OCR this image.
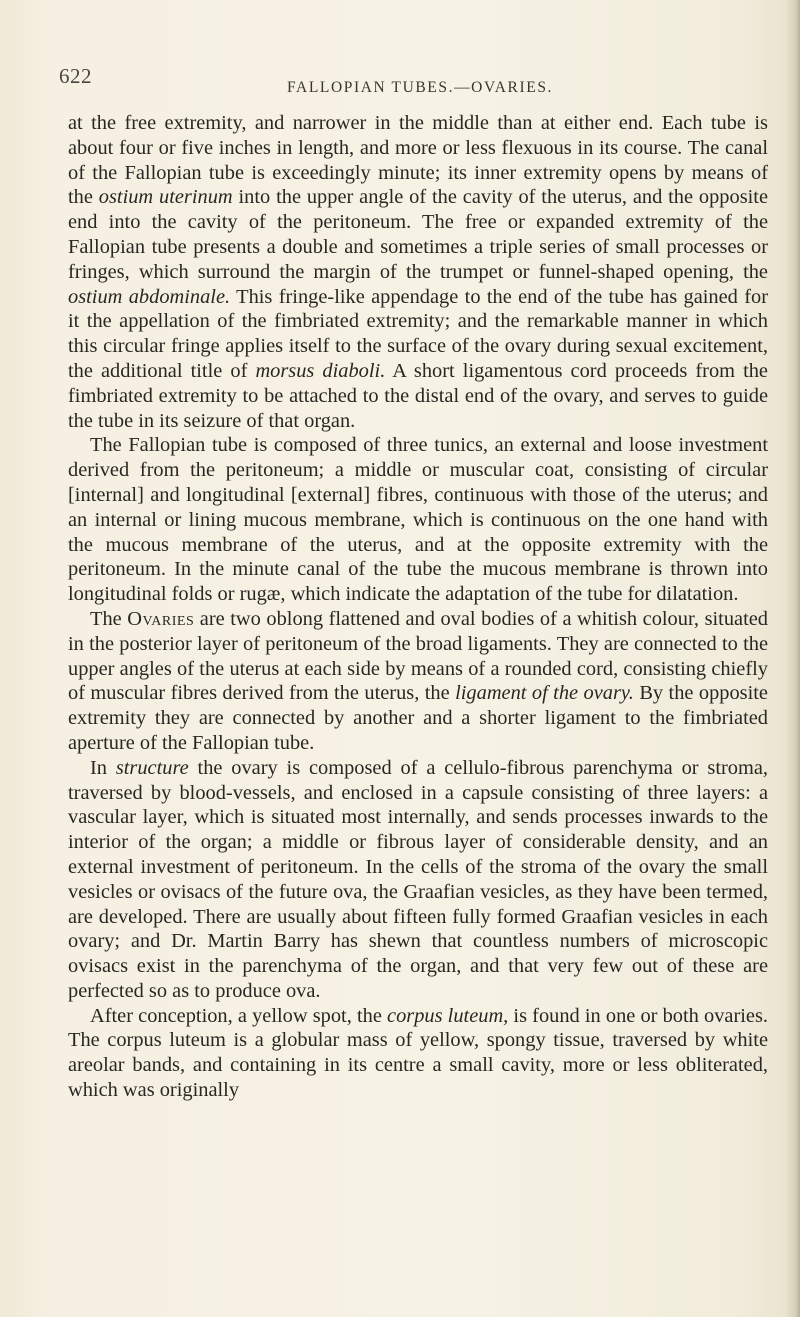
622	FALLOPIAN TUBES.—OVARIES.

at the free extremity, and narrower in the middle than at either end. Each tube is about four or five inches in length, and more or less flexuous in its course. The canal of the Fallopian tube is exceedingly minute; its inner extremity opens by means of the ostium uterinum into the upper angle of the cavity of the uterus, and the opposite end into the cavity of the peritoneum. The free or expanded extremity of the Fallopian tube presents a double and sometimes a triple series of small processes or fringes, which surround the margin of the trumpet or funnel-shaped opening, the ostium abdominale. This fringe-like appendage to the end of the tube has gained for it the appellation of the fimbriated extremity; and the remarkable manner in which this circular fringe applies itself to the surface of the ovary during sexual excitement, the additional title of morsus diaboli. A short ligamentous cord proceeds from the fimbriated extremity to be attached to the distal end of the ovary, and serves to guide the tube in its seizure of that organ.

The Fallopian tube is composed of three tunics, an external and loose investment derived from the peritoneum; a middle or muscular coat, consisting of circular [internal] and longitudinal [external] fibres, continuous with those of the uterus; and an internal or lining mucous membrane, which is continuous on the one hand with the mucous membrane of the uterus, and at the opposite extremity with the peritoneum. In the minute canal of the tube the mucous membrane is thrown into longitudinal folds or rugæ, which indicate the adaptation of the tube for dilatation.

The Ovaries are two oblong flattened and oval bodies of a whitish colour, situated in the posterior layer of peritoneum of the broad ligaments. They are connected to the upper angles of the uterus at each side by means of a rounded cord, consisting chiefly of muscular fibres derived from the uterus, the ligament of the ovary. By the opposite extremity they are connected by another and a shorter ligament to the fimbriated aperture of the Fallopian tube.

In structure the ovary is composed of a cellulo-fibrous parenchyma or stroma, traversed by blood-vessels, and enclosed in a capsule consisting of three layers: a vascular layer, which is situated most internally, and sends processes inwards to the interior of the organ; a middle or fibrous layer of considerable density, and an external investment of peritoneum. In the cells of the stroma of the ovary the small vesicles or ovisacs of the future ova, the Graafian vesicles, as they have been termed, are developed. There are usually about fifteen fully formed Graafian vesicles in each ovary; and Dr. Martin Barry has shewn that countless numbers of microscopic ovisacs exist in the parenchyma of the organ, and that very few out of these are perfected so as to produce ova.

After conception, a yellow spot, the corpus luteum, is found in one or both ovaries. The corpus luteum is a globular mass of yellow, spongy tissue, traversed by white areolar bands, and containing in its centre a small cavity, more or less obliterated, which was originally
